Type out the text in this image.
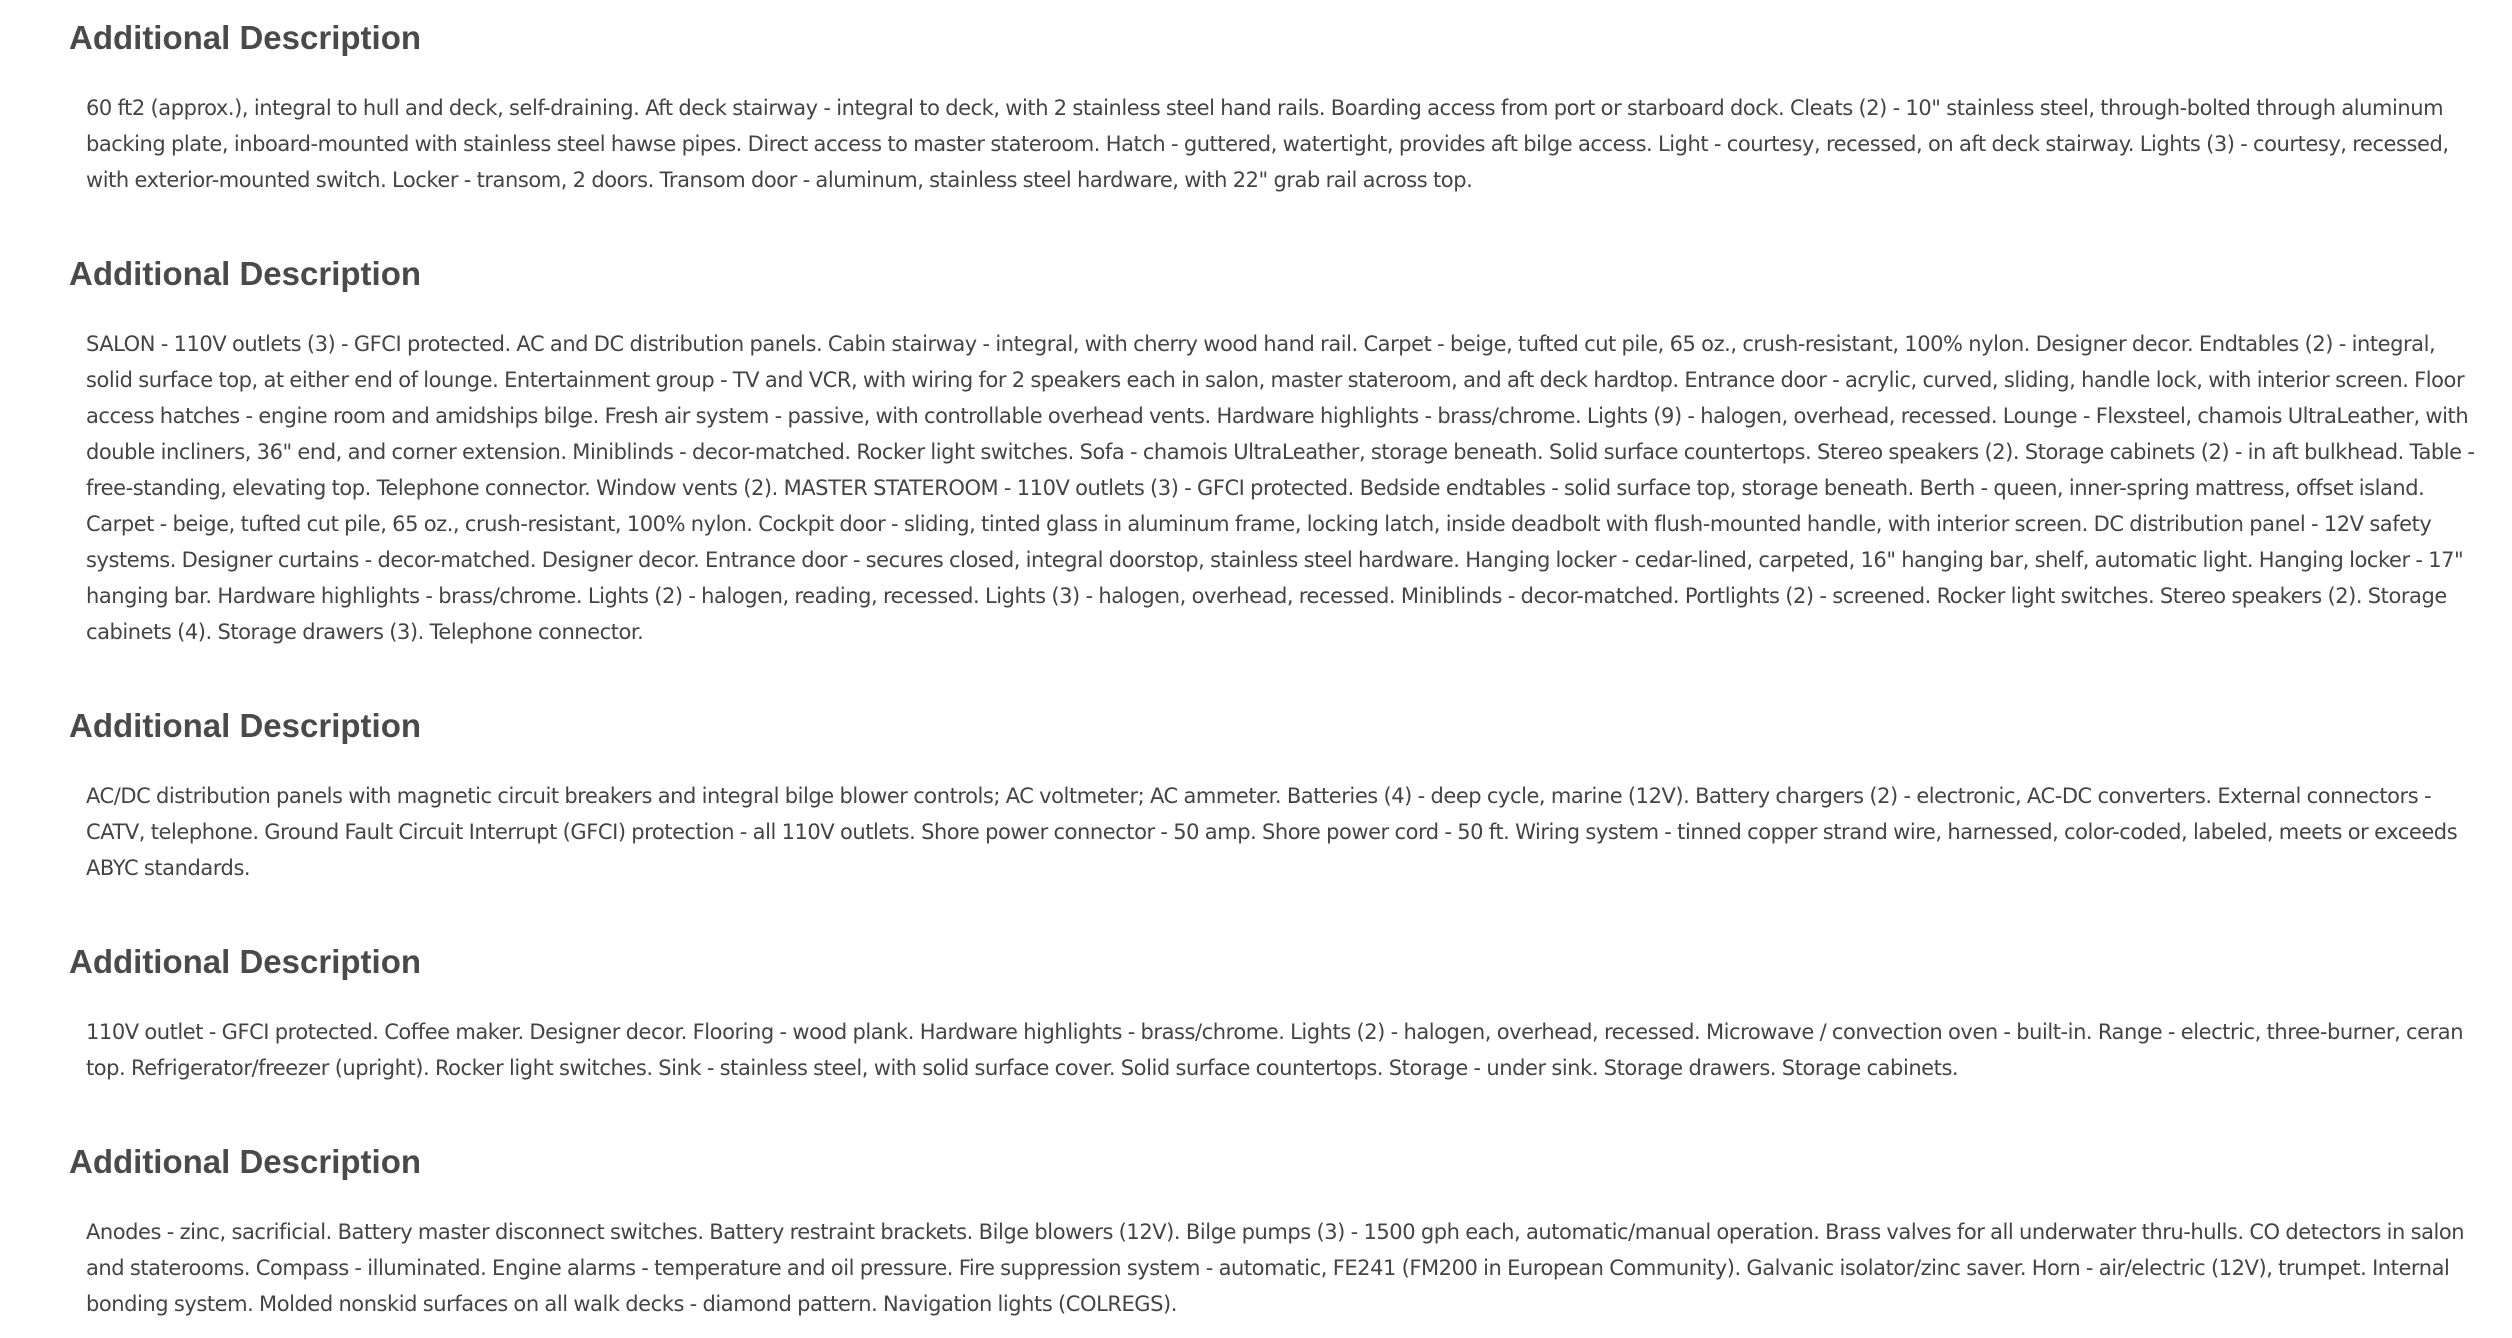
Additional Description

60 ft2 (approx.), integral to hull and deck, self-draining. Aft deck stairway - integral to deck, with 2 stainless steel hand rails. Boarding access from port or starboard dock. Cleats (2) - 10" stainless steel, through-bolted through aluminum backing plate, inboard-mounted with stainless steel hawse pipes. Direct access to master stateroom. Hatch - guttered, watertight, provides aft bilge access. Light - courtesy, recessed, on aft deck stairway. Lights (3) - courtesy, recessed, with exterior-mounted switch. Locker - transom, 2 doors. Transom door - aluminum, stainless steel hardware, with 22" grab rail across top.

Additional Description

SALON - 110V outlets (3) - GFCI protected. AC and DC distribution panels. Cabin stairway - integral, with cherry wood hand rail. Carpet - beige, tufted cut pile, 65 oz., crush-resistant, 100% nylon. Designer decor. Endtables (2) - integral, solid surface top, at either end of lounge. Entertainment group - TV and VCR, with wiring for 2 speakers each in salon, master stateroom, and aft deck hardtop. Entrance door - acrylic, curved, sliding, handle lock, with interior screen. Floor access hatches - engine room and amidships bilge. Fresh air system - passive, with controllable overhead vents. Hardware highlights - brass/chrome. Lights (9) - halogen, overhead, recessed. Lounge - Flexsteel, chamois UltraLeather, with double incliners, 36" end, and corner extension. Miniblinds - decor-matched. Rocker light switches. Sofa - chamois UltraLeather, storage beneath. Solid surface countertops. Stereo speakers (2). Storage cabinets (2) - in aft bulkhead. Table - free-standing, elevating top. Telephone connector. Window vents (2). MASTER STATEROOM - 110V outlets (3) - GFCI protected. Bedside endtables - solid surface top, storage beneath. Berth - queen, inner-spring mattress, offset island. Carpet - beige, tufted cut pile, 65 oz., crush-resistant, 100% nylon. Cockpit door - sliding, tinted glass in aluminum frame, locking latch, inside deadbolt with flush-mounted handle, with interior screen. DC distribution panel - 12V safety systems. Designer curtains - decor-matched. Designer decor. Entrance door - secures closed, integral doorstop, stainless steel hardware. Hanging locker - cedar-lined, carpeted, 16" hanging bar, shelf, automatic light. Hanging locker - 17" hanging bar. Hardware highlights - brass/chrome. Lights (2) - halogen, reading, recessed. Lights (3) - halogen, overhead, recessed. Miniblinds - decor-matched. Portlights (2) - screened. Rocker light switches. Stereo speakers (2). Storage cabinets (4). Storage drawers (3). Telephone connector.

Additional Description

AC/DC distribution panels with magnetic circuit breakers and integral bilge blower controls; AC voltmeter; AC ammeter. Batteries (4) - deep cycle, marine (12V). Battery chargers (2) - electronic, AC-DC converters. External connectors - CATV, telephone. Ground Fault Circuit Interrupt (GFCI) protection - all 110V outlets. Shore power connector - 50 amp. Shore power cord - 50 ft. Wiring system - tinned copper strand wire, harnessed, color-coded, labeled, meets or exceeds ABYC standards.

Additional Description

110V outlet - GFCI protected. Coffee maker. Designer decor. Flooring - wood plank. Hardware highlights - brass/chrome. Lights (2) - halogen, overhead, recessed. Microwave / convection oven - built-in. Range - electric, three-burner, ceran top. Refrigerator/freezer (upright). Rocker light switches. Sink - stainless steel, with solid surface cover. Solid surface countertops. Storage - under sink. Storage drawers. Storage cabinets.

Additional Description

Anodes - zinc, sacrificial. Battery master disconnect switches. Battery restraint brackets. Bilge blowers (12V). Bilge pumps (3) - 1500 gph each, automatic/manual operation. Brass valves for all underwater thru-hulls. CO detectors in salon and staterooms. Compass - illuminated. Engine alarms - temperature and oil pressure. Fire suppression system - automatic, FE241 (FM200 in European Community). Galvanic isolator/zinc saver. Horn - air/electric (12V), trumpet. Internal bonding system. Molded nonskid surfaces on all walk decks - diamond pattern. Navigation lights (COLREGS).
